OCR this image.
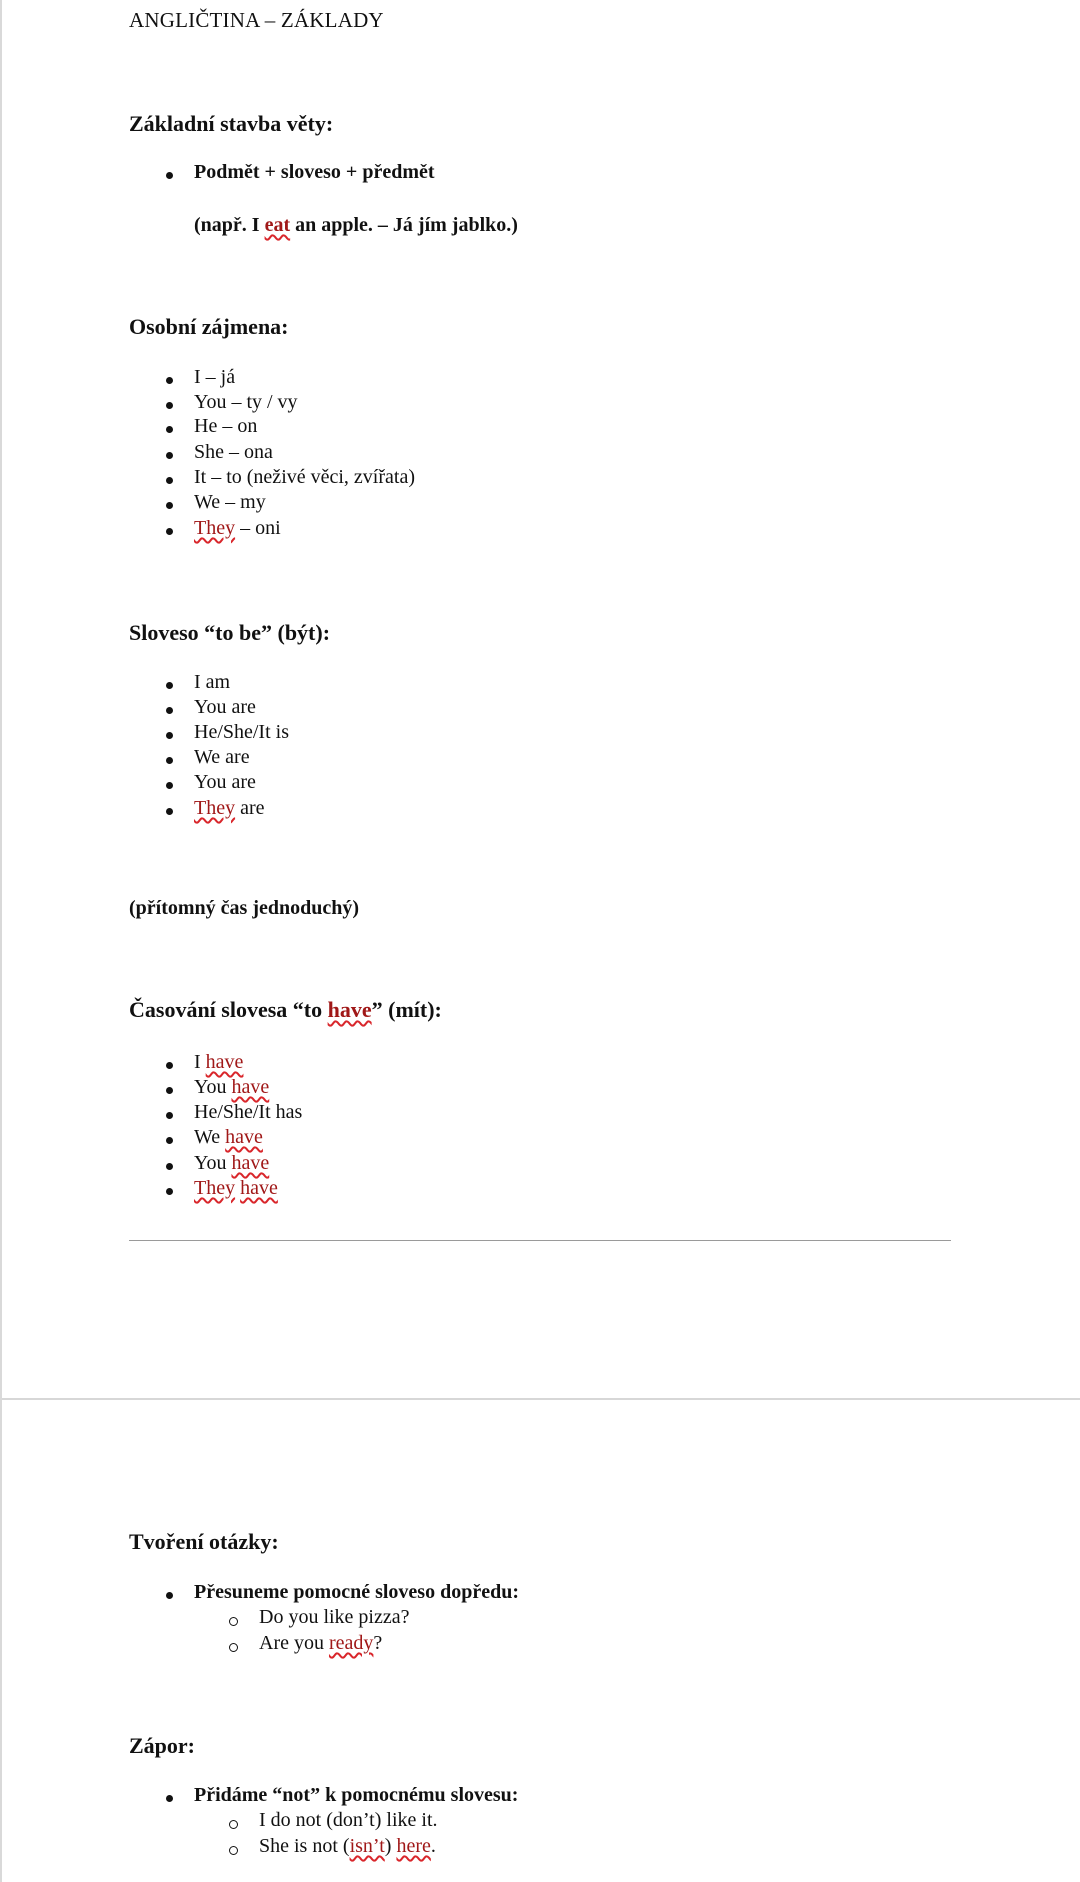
ANGLIČTINA – ZÁKLADY
Základní stavba věty:
Podmět + sloveso + předmět
(např. I eat an apple. – Já jím jablko.)
Osobní zájmena:
I – já
You – ty / vy
He – on
She – ona
It – to (neživé věci, zvířata)
We – my
They – oni
Sloveso “to be” (být):
I am
You are
He/She/It is
We are
You are
They are
(přítomný čas jednoduchý)
Časování slovesa “to have” (mít):
I have
You have
He/She/It has
We have
You have
They have
Tvoření otázky:
Přesuneme pomocné sloveso dopředu:
Do you like pizza?
Are you ready?
Zápor:
Přidáme “not” k pomocnému slovesu:
I do not (don’t) like it.
She is not (isn’t) here.
